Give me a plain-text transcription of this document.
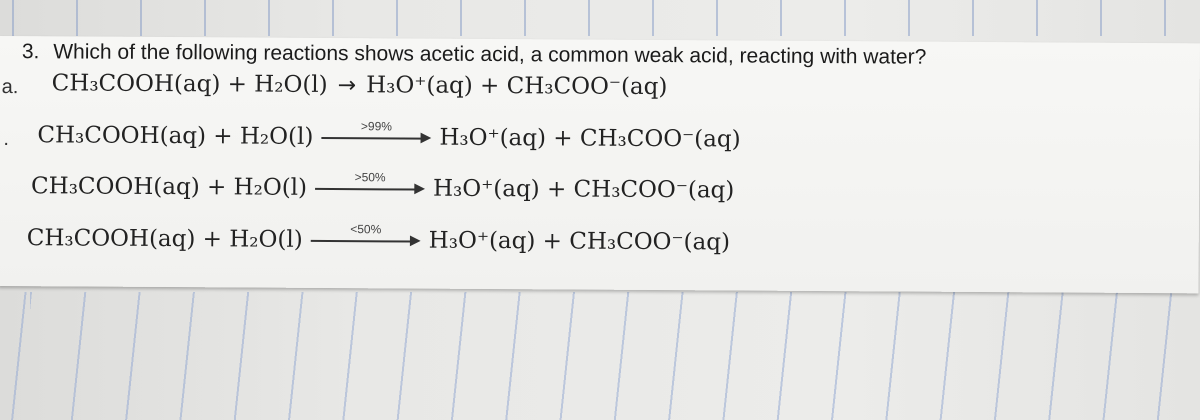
3. Which of the following reactions shows acetic acid, a common weak acid, reacting with water?
a. CH₃COOH(aq) + H₂O(l) → H₃O⁺(aq) + CH₃COO⁻(aq)
. CH₃COOH(aq) + H₂O(l)	>99%
▶ H₃O⁺(aq) + CH₃COO⁻(aq)
CH₃COOH(aq) + H₂O(l)	>50%
▶ H₃O⁺(aq) + CH₃COO⁻(aq)
CH₃COOH(aq) + H₂O(l)	<50%
▶ H₃O⁺(aq) + CH₃COO⁻(aq)
